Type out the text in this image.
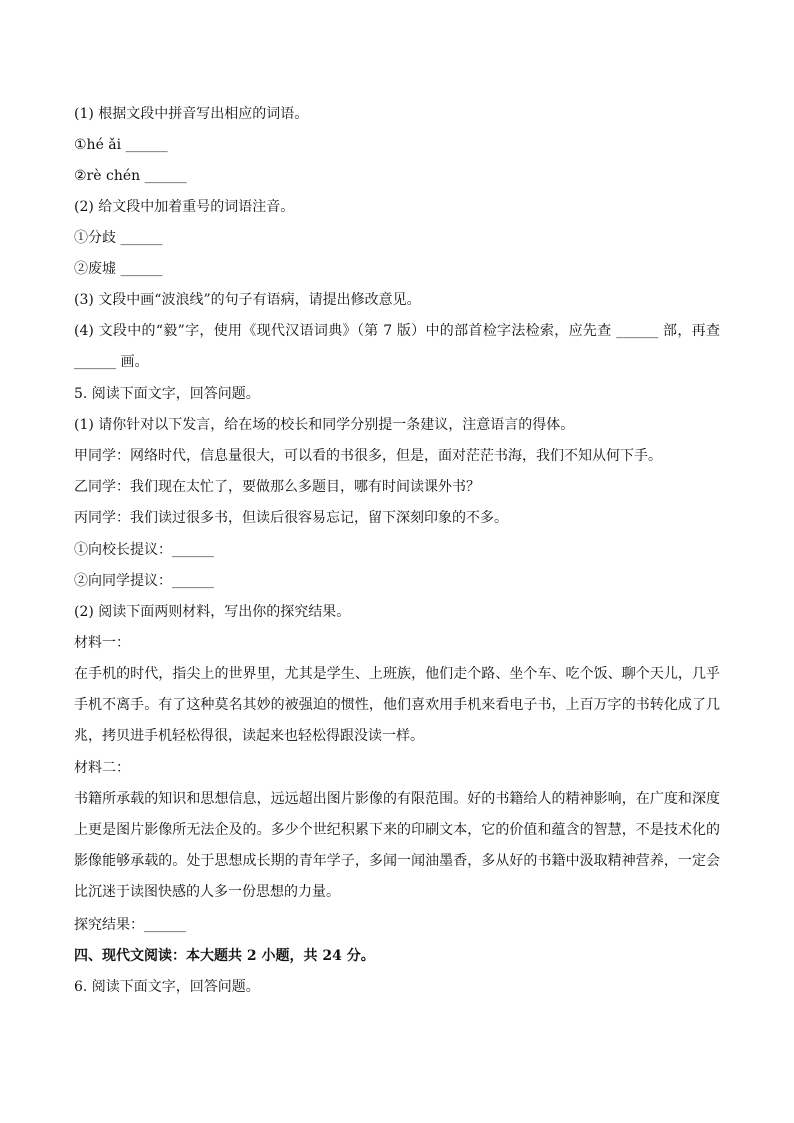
(1) 根据文段中拼音写出相应的词语。
①hé ǎi ______
②rè chén ______
(2) 给文段中加着重号的词语注音。
①分歧 ______
②废墟 ______
(3) 文段中画“波浪线”的句子有语病，请提出修改意见。
(4) 文段中的“毅”字，使用《现代汉语词典》（第 7 版）中的部首检字法检索，应先查 ______ 部，再查 ______ 画。
5. 阅读下面文字，回答问题。
(1) 请你针对以下发言，给在场的校长和同学分别提一条建议，注意语言的得体。
甲同学：网络时代，信息量很大，可以看的书很多，但是，面对茫茫书海，我们不知从何下手。
乙同学：我们现在太忙了，要做那么多题目，哪有时间读课外书？
丙同学：我们读过很多书，但读后很容易忘记，留下深刻印象的不多。
①向校长提议：______
②向同学提议：______
(2) 阅读下面两则材料，写出你的探究结果。
材料一：
在手机的时代，指尖上的世界里，尤其是学生、上班族，他们走个路、坐个车、吃个饭、聊个天儿，几乎手机不离手。有了这种莫名其妙的被强迫的惯性，他们喜欢用手机来看电子书，上百万字的书转化成了几兆，拷贝进手机轻松得很，读起来也轻松得跟没读一样。
材料二：
书籍所承载的知识和思想信息，远远超出图片影像的有限范围。好的书籍给人的精神影响，在广度和深度上更是图片影像所无法企及的。多少个世纪积累下来的印刷文本，它的价值和蕴含的智慧，不是技术化的影像能够承载的。处于思想成长期的青年学子，多闻一闻油墨香，多从好的书籍中汲取精神营养，一定会比沉迷于读图快感的人多一份思想的力量。
探究结果：______
四、现代文阅读：本大题共 2 小题，共 24 分。
6. 阅读下面文字，回答问题。
